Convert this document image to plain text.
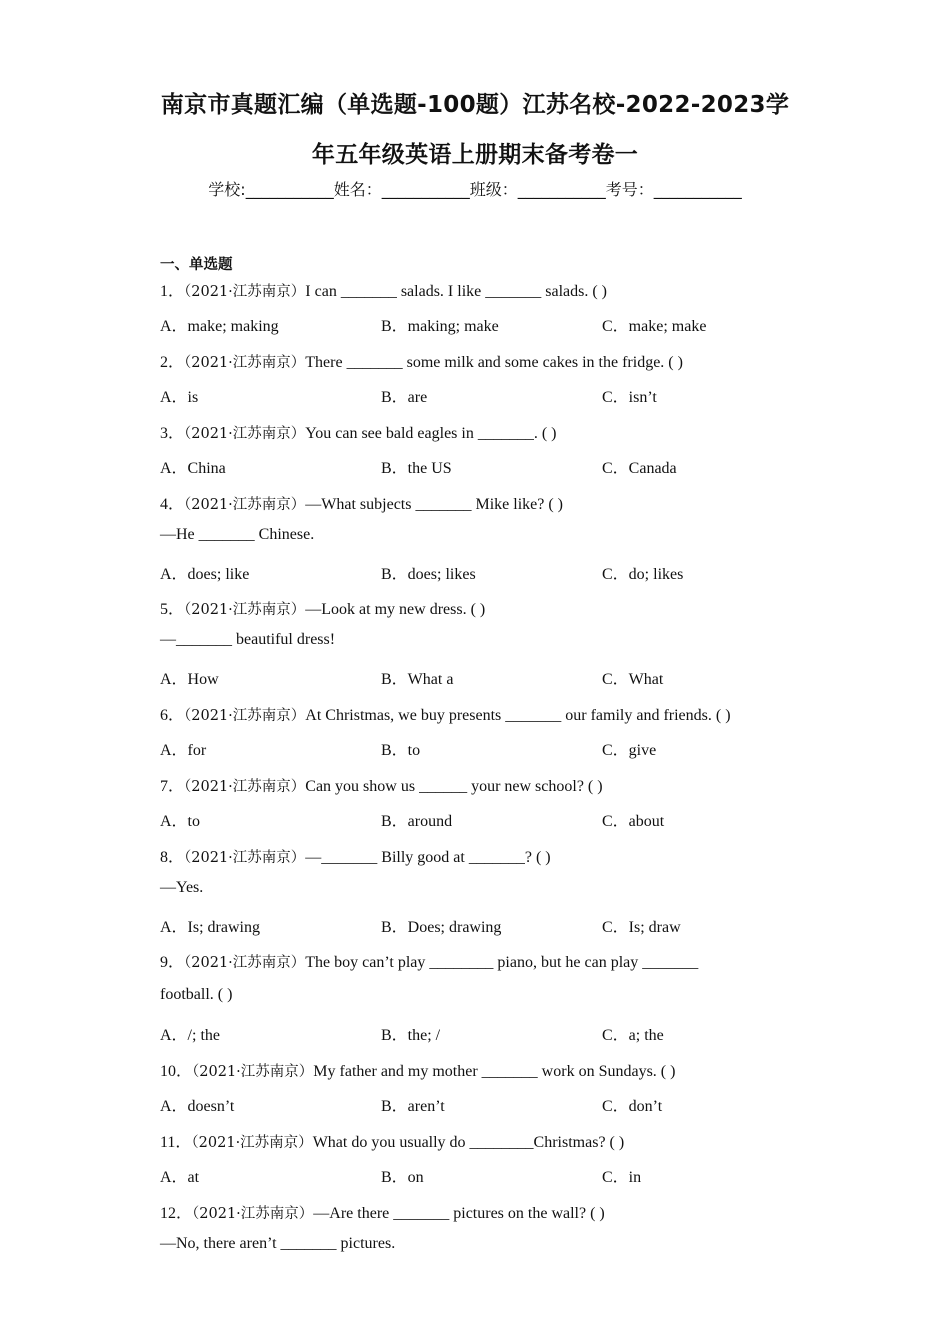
南京市真题汇编（单选题-100题）江苏名校-2022-2023学
年五年级英语上册期末备考卷一
学校:___________姓名：___________班级：___________考号：___________
一、单选题
1．（2021·江苏南京）I can _______ salads. I like _______ salads. ( )
A．make; making	B．making; make	C．make; make
2．（2021·江苏南京）There _______ some milk and some cakes in the fridge. ( )
A．is	B．are	C．isn’t
3．（2021·江苏南京）You can see bald eagles in _______. ( )
A．China	B．the US	C．Canada
4．（2021·江苏南京）—What subjects _______ Mike like? ( )
—He _______ Chinese.
A．does; like	B．does; likes	C．do; likes
5．（2021·江苏南京）—Look at my new dress. ( )
—_______ beautiful dress!
A．How	B．What a	C．What
6．（2021·江苏南京）At Christmas, we buy presents _______ our family and friends. ( )
A．for	B．to	C．give
7．（2021·江苏南京）Can you show us ______ your new school? ( )
A．to	B．around	C．about
8．（2021·江苏南京）—_______ Billy good at _______? ( )
—Yes.
A．Is; drawing	B．Does; drawing	C．Is; draw
9．（2021·江苏南京）The boy can’t play ________ piano, but he can play _______
football. ( )
A．/; the	B．the; /	C．a; the
10．（2021·江苏南京）My father and my mother _______ work on Sundays. ( )
A．doesn’t	B．aren’t	C．don’t
11．（2021·江苏南京）What do you usually do ________Christmas? ( )
A．at	B．on	C．in
12．（2021·江苏南京）—Are there _______ pictures on the wall? ( )
—No, there aren’t _______ pictures.
